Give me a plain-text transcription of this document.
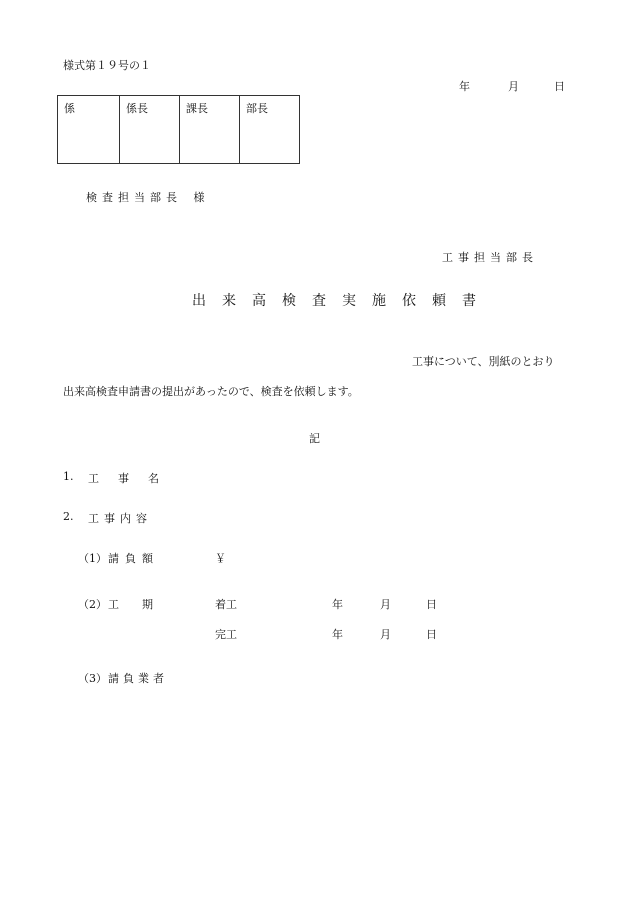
様式第１９号の１
年	月	日
係	係長	課長	部長
検査担当部長 様
工事担当部長
出来高検査実施依頼書
工事について、別紙のとおり
出来高検査申請書の提出があったので、検査を依頼します。
記
1. 工　事　名
2. 工事内容
（1） 請負額	￥
（2） 工　期	着工	年	月	日
完工	年	月	日
（3） 請負業者
